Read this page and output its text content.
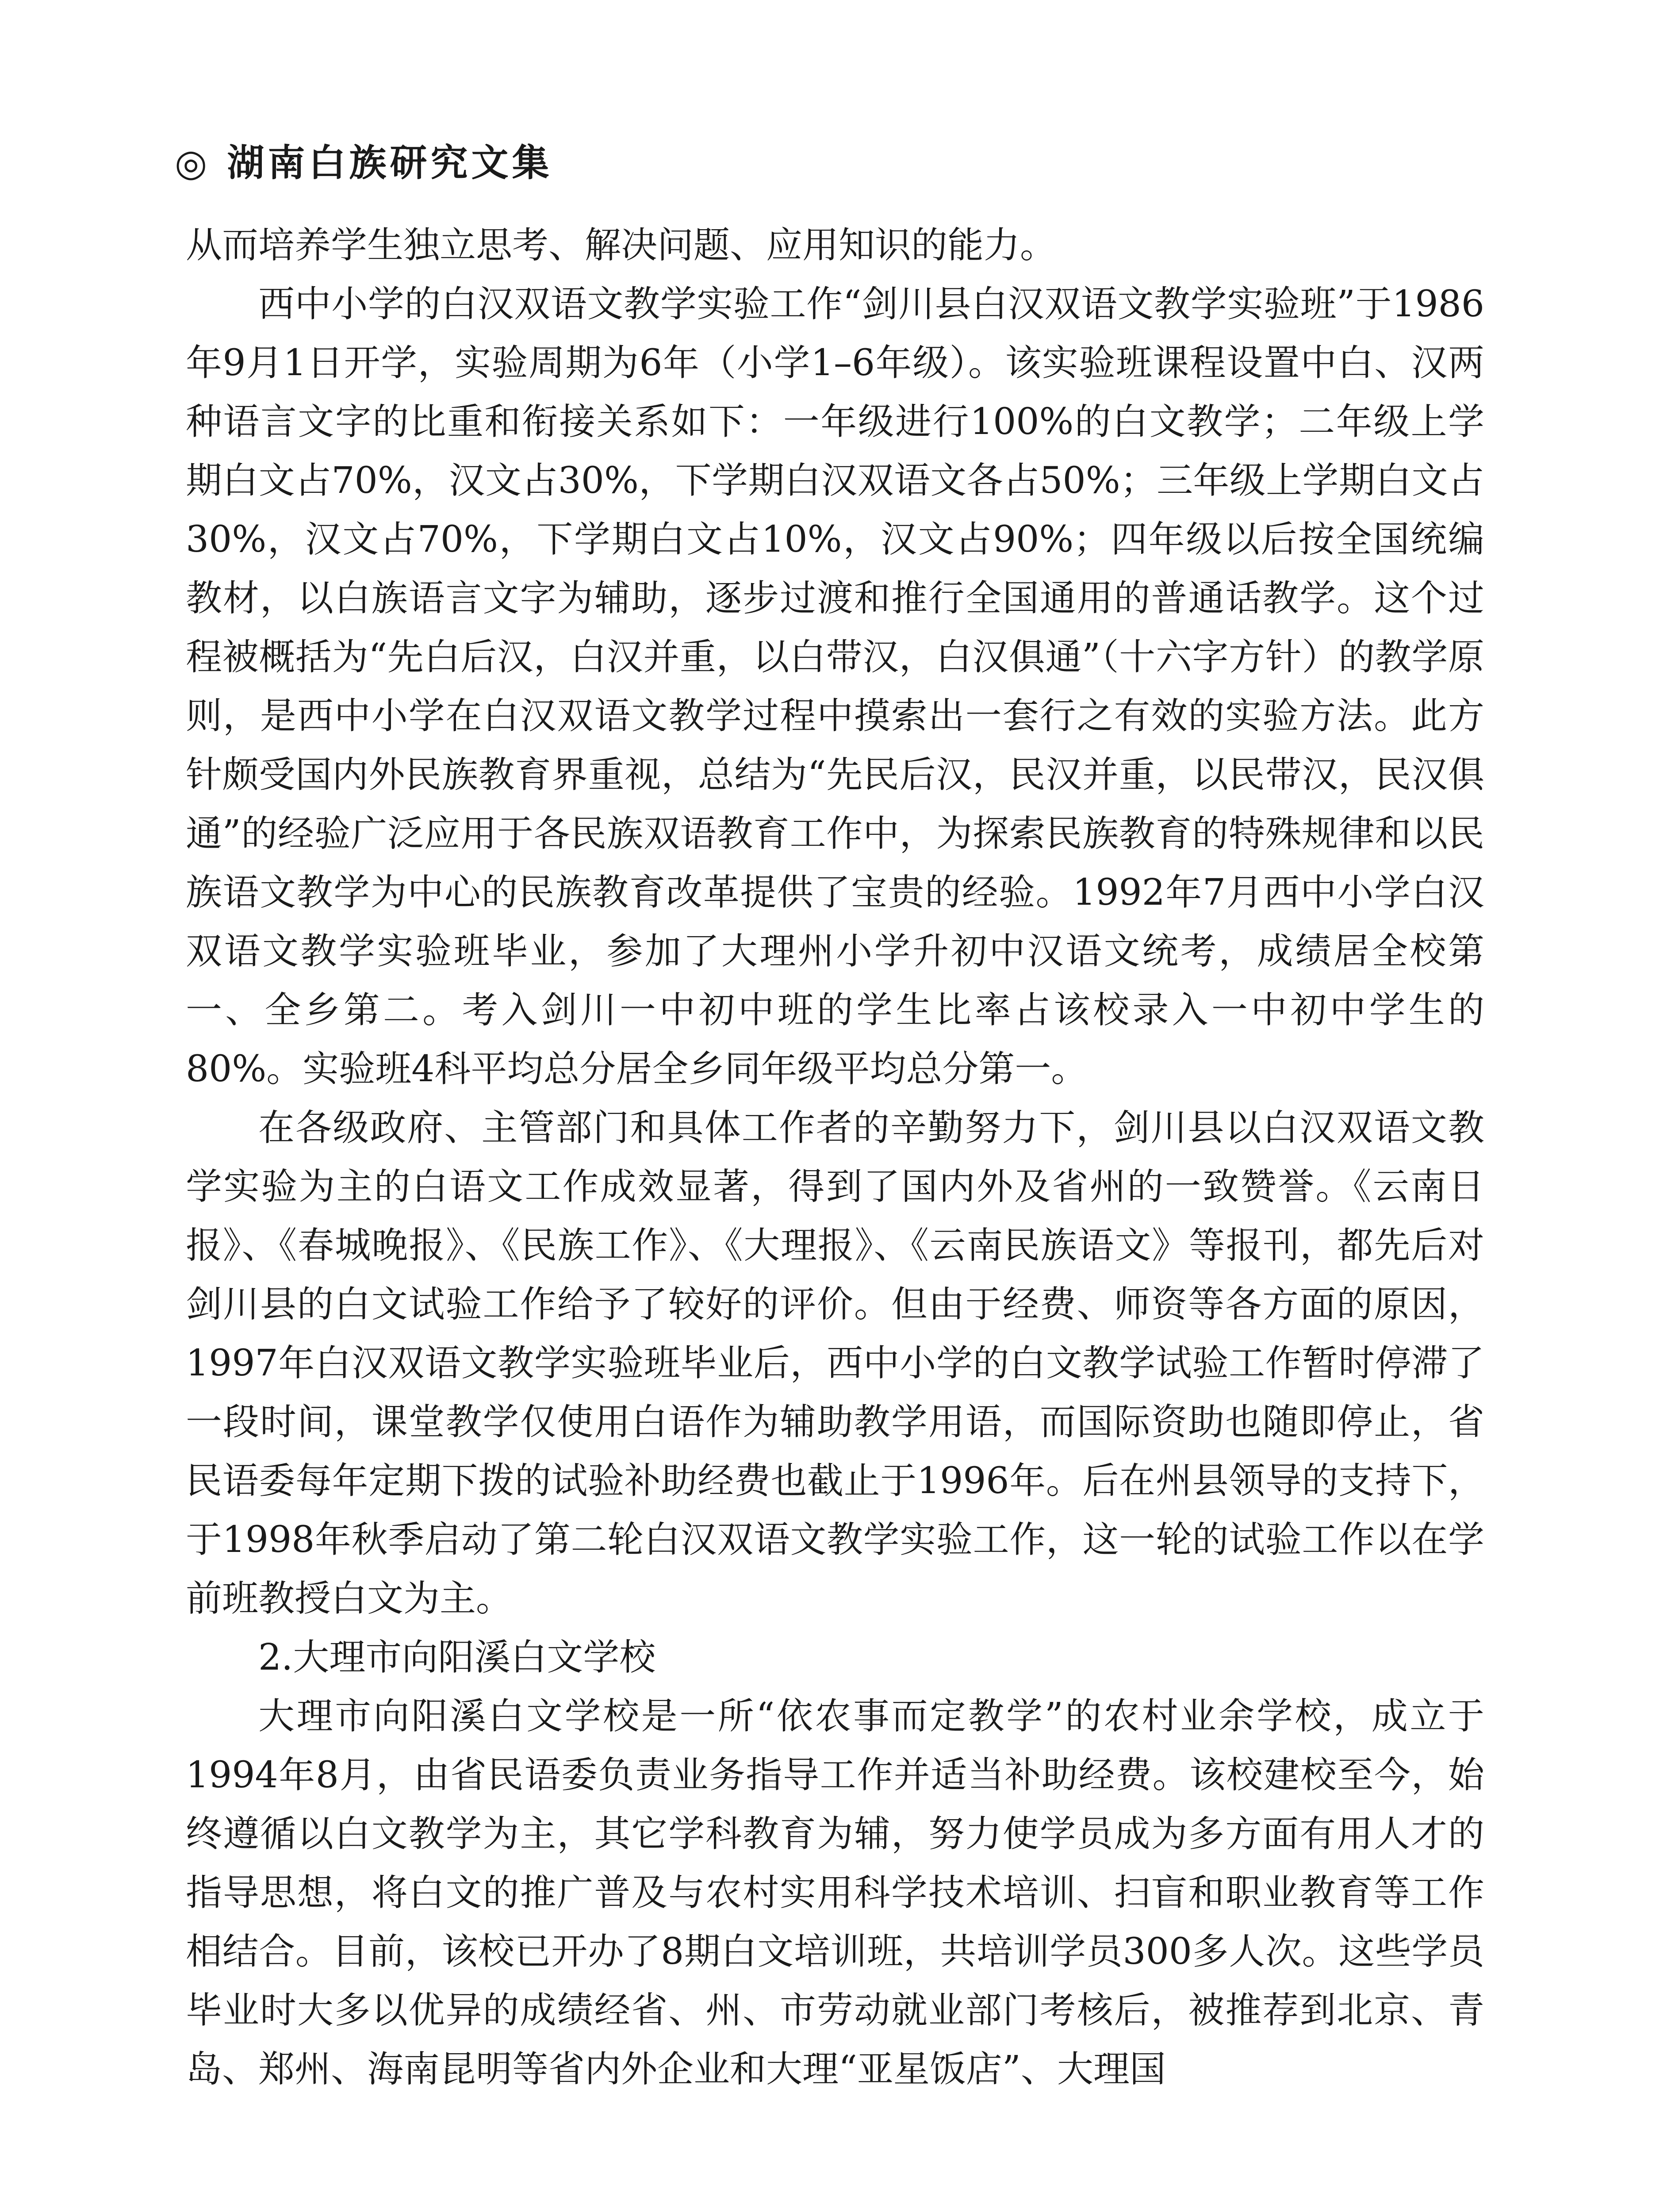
◎ 湖南白族研究文集

从而培养学生独立思考、解决问题、应用知识的能力。

西中小学的白汉双语文教学实验工作“剑川县白汉双语文教学实验班”于1986年9月1日开学，实验周期为6年（小学1–6年级）。该实验班课程设置中白、汉两种语言文字的比重和衔接关系如下：一年级进行100%的白文教学；二年级上学期白文占70%，汉文占30%，下学期白汉双语文各占50%；三年级上学期白文占30%，汉文占70%，下学期白文占10%，汉文占90%；四年级以后按全国统编教材，以白族语言文字为辅助，逐步过渡和推行全国通用的普通话教学。这个过程被概括为“先白后汉，白汉并重，以白带汉，白汉俱通”（十六字方针）的教学原则，是西中小学在白汉双语文教学过程中摸索出一套行之有效的实验方法。此方针颇受国内外民族教育界重视，总结为“先民后汉，民汉并重，以民带汉，民汉俱通”的经验广泛应用于各民族双语教育工作中，为探索民族教育的特殊规律和以民族语文教学为中心的民族教育改革提供了宝贵的经验。1992年7月西中小学白汉双语文教学实验班毕业，参加了大理州小学升初中汉语文统考，成绩居全校第一、全乡第二。考入剑川一中初中班的学生比率占该校录入一中初中学生的80%。实验班4科平均总分居全乡同年级平均总分第一。

在各级政府、主管部门和具体工作者的辛勤努力下，剑川县以白汉双语文教学实验为主的白语文工作成效显著，得到了国内外及省州的一致赞誉。《云南日报》、《春城晚报》、《民族工作》、《大理报》、《云南民族语文》等报刊，都先后对剑川县的白文试验工作给予了较好的评价。但由于经费、师资等各方面的原因，1997年白汉双语文教学实验班毕业后，西中小学的白文教学试验工作暂时停滞了一段时间，课堂教学仅使用白语作为辅助教学用语，而国际资助也随即停止，省民语委每年定期下拨的试验补助经费也截止于1996年。后在州县领导的支持下，于1998年秋季启动了第二轮白汉双语文教学实验工作，这一轮的试验工作以在学前班教授白文为主。

2.大理市向阳溪白文学校

大理市向阳溪白文学校是一所“依农事而定教学”的农村业余学校，成立于1994年8月，由省民语委负责业务指导工作并适当补助经费。该校建校至今，始终遵循以白文教学为主，其它学科教育为辅，努力使学员成为多方面有用人才的指导思想，将白文的推广普及与农村实用科学技术培训、扫盲和职业教育等工作相结合。目前，该校已开办了8期白文培训班，共培训学员300多人次。这些学员毕业时大多以优异的成绩经省、州、市劳动就业部门考核后，被推荐到北京、青岛、郑州、海南昆明等省内外企业和大理“亚星饭店”、大理国
